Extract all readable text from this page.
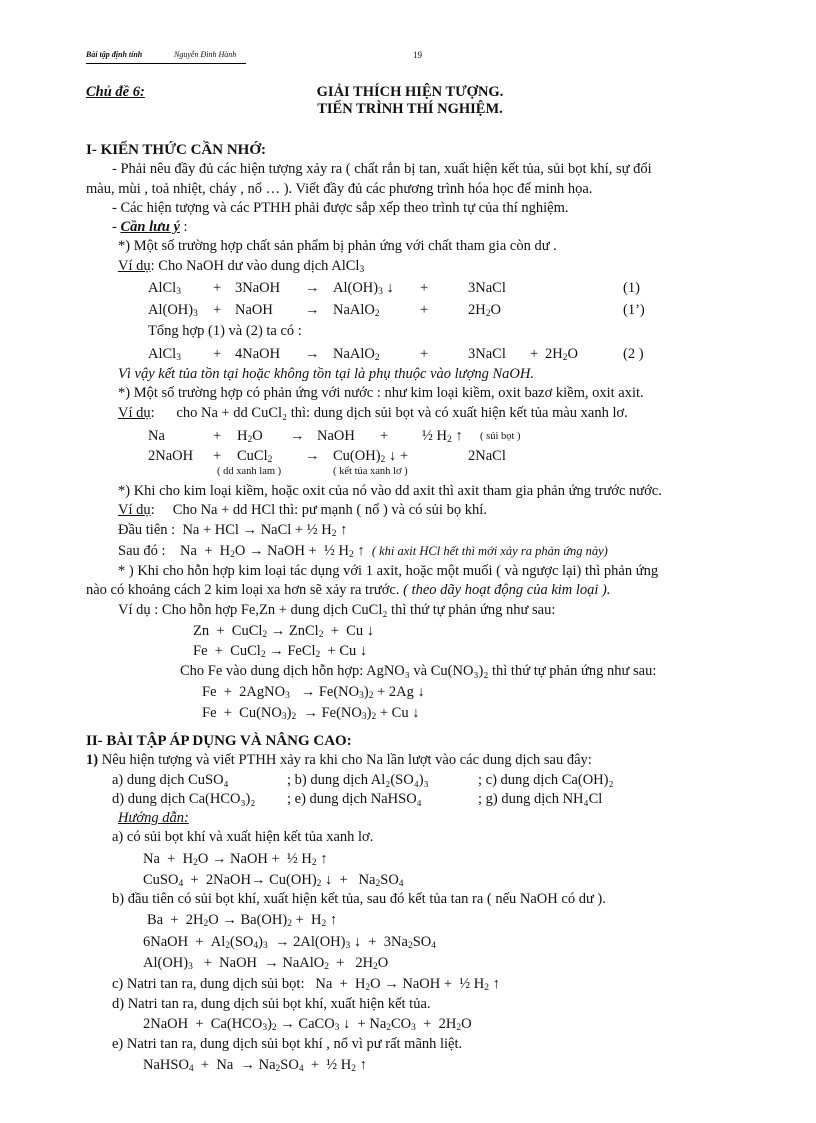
Bài tập định tính	Nguyễn Đình Hành	19
Chủ đề 6:	GIẢI THÍCH HIỆN TƯỢNG.
TIẾN TRÌNH THÍ NGHIỆM.
I- KIẾN THỨC CẦN NHỚ:
- Phải nêu đầy đủ các hiện tượng xảy ra ( chất rắn bị tan, xuất hiện kết tủa, sủi bọt khí, sự đổi
màu, mùi , toả nhiệt, cháy , nổ … ). Viết đầy đủ các phương trình hóa học để minh họa.
- Các hiện tượng và các PTHH phải được sắp xếp theo trình tự của thí nghiệm.
- Cần lưu ý :
*) Một số trường hợp chất sản phẩm bị phản ứng với chất tham gia còn dư .
Ví dụ: Cho NaOH dư vào dung dịch AlCl$_3$
AlCl$_3$ + 3NaOH → $Al(OH)_3$ ↓ +	3NaCl	(1)
$Al(OH)_3$ + NaOH → NaAlO$_2$	+	$2H_2O$	(1’)
Tổng hợp (1) và (2) ta có :
AlCl$_3$ + 4NaOH → NaAlO$_2$	+	3NaCl + $2H_2O$	(2 )
Vì vậy kết tủa tồn tại hoặc không tồn tại là phụ thuộc vào lượng NaOH.
*) Một số trường hợp có phản ứng với nước : như kim loại kiềm, oxit bazơ kiềm, oxit axit.
Ví dụ:      cho Na + dd CuCl₂ thì: dung dịch sủi bọt và có xuất hiện kết tủa màu xanh lơ.
Na	+ $H_2O$ → NaOH + ½ $H_2$ ↑ ( sủi bọt )
2NaOH + CuCl$_2$ → $Cu(OH)_2$ ↓ +	2NaCl
( dd xanh lam )	( kết tủa xanh lơ )
*) Khi cho kim loại kiềm, hoặc oxit của nó vào dd axit thì axit tham gia phản ứng trước nước.
Ví dụ:     Cho Na + dd HCl thì: pư mạnh ( nổ ) và có sủi bọ khí.
Đầu tiên :  Na + HCl → NaCl + ½ $H_2$ ↑
Sau đó :    $Na + H_2O$ → NaOH +  ½ $H_2$ ↑  ( khi axit HCl hết thì mới xảy ra phản ứng này)
* ) Khi cho hỗn hợp kim loại tác dụng với 1 axit, hoặc một muối ( và ngược lại) thì phản ứng
nào có khoảng cách 2 kim loại xa hơn sẽ xảy ra trước. ( theo dãy hoạt động của kim loại ).
Ví dụ : Cho hỗn hợp Fe,Zn + dung dịch CuCl₂ thì thứ tự phản ứng như sau:
Zn  +  CuCl$_2$ → ZnCl$_2$  +  Cu ↓
Fe  +  CuCl$_2$ → FeCl$_2$  + Cu ↓
Cho Fe vào dung dịch hỗn hợp: AgNO₃ và Cu(NO₃)₂ thì thứ tự phản ứng như sau:
Fe  +  2AgNO$_3$   → $Fe(NO_3)_2 + 2Ag$ ↓
$Fe + Cu(NO_3)_2 \to Fe(NO_3)_2 + Cu$ ↓
II- BÀI TẬP ÁP DỤNG VÀ NÂNG CAO:
1) Nêu hiện tượng và viết PTHH xảy ra khi cho Na lần lượt vào các dung dịch sau đây:
a) dung dịch CuSO₄	; b) dung dịch Al₂(SO₄)₃	; c) dung dịch Ca(OH)₂
d) dung dịch Ca(HCO₃)₂ ; e) dung dịch NaHSO₄	; g) dung dịch NH₄Cl
Hướng dẫn:
a) có sủi bọt khí và xuất hiện kết tủa xanh lơ.
$Na + H_2O$ → NaOH +  ½ $H_2$ ↑
CuSO$_4$  +  2NaOH→ $Cu(OH)_2$ ↓  +   $Na_2SO_4$
b) đầu tiên có sủi bọt khí, xuất hiện kết tủa, sau đó kết tủa tan ra ( nếu NaOH có dư ).
$Ba + 2H_2O \to Ba(OH)_2 + H_2$ ↑
6NaOH  +  $Al_2(SO_4)_3 \to 2Al(OH)_3$ ↓  +  $3Na_2SO_4$
$Al(OH)_3$   +  NaOH  → NaAlO$_2$  +   $2H_2O$
c) Natri tan ra, dung dịch sủi bọt:   $Na + H_2O$ → NaOH +  ½ $H_2$ ↑
d) Natri tan ra, dung dịch sủi bọt khí, xuất hiện kết tủa.
2NaOH  +  $Ca(HCO_3)_2$ → CaCO$_3$ ↓  + $Na_2CO_3 + 2H_2O$
e) Natri tan ra, dung dịch sủi bọt khí , nổ vì pư rất mãnh liệt.
NaHSO$_4$  +  $Na \to Na_2SO_4$  +  ½ $H_2$ ↑
